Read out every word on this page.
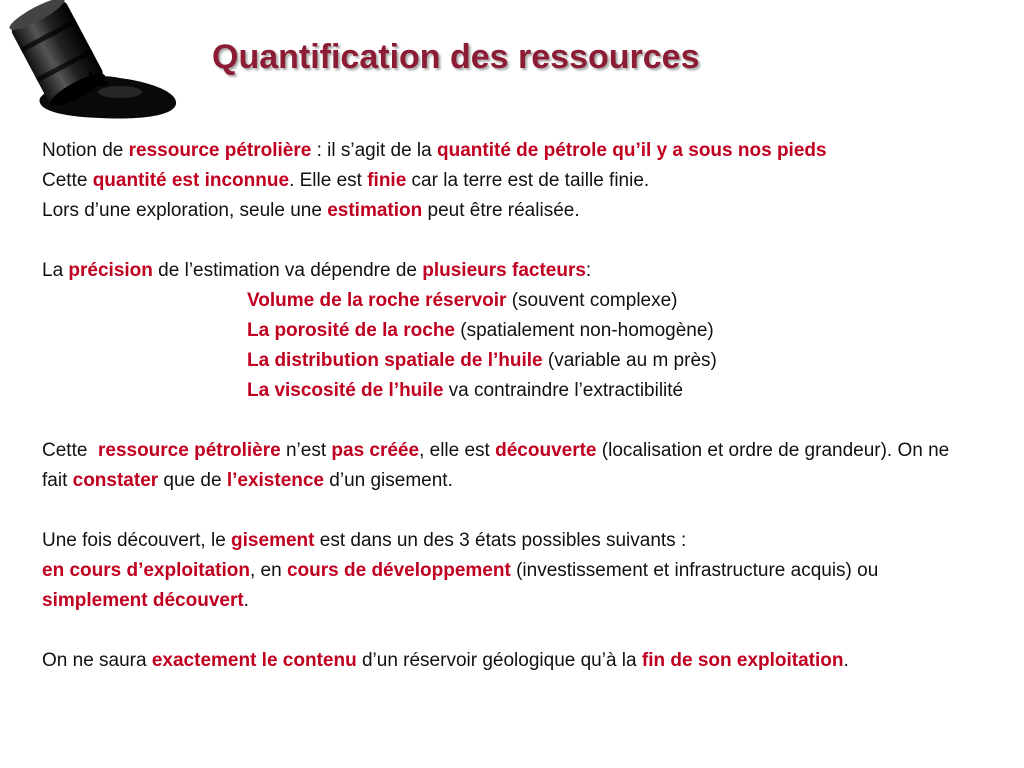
Quantification des ressources
Notion de ressource pétrolière : il s’agit de la quantité de pétrole qu’il y a sous nos pieds
Cette quantité est inconnue. Elle est finie car la terre est de taille finie.
Lors d’une exploration, seule une estimation peut être réalisée.
La précision de l’estimation va dépendre de plusieurs facteurs:
Volume de la roche réservoir (souvent complexe)
La porosité de la roche (spatialement non-homogène)
La distribution spatiale de l’huile (variable au m près)
La viscosité de l’huile va contraindre l’extractibilité
Cette  ressource pétrolière n’est pas créée, elle est découverte (localisation et ordre de grandeur). On ne fait constater que de l’existence d’un gisement.
Une fois découvert, le gisement est dans un des 3 états possibles suivants :
en cours d’exploitation, en cours de développement (investissement et infrastructure acquis) ou simplement découvert.
On ne saura exactement le contenu d’un réservoir géologique qu’à la fin de son exploitation.
